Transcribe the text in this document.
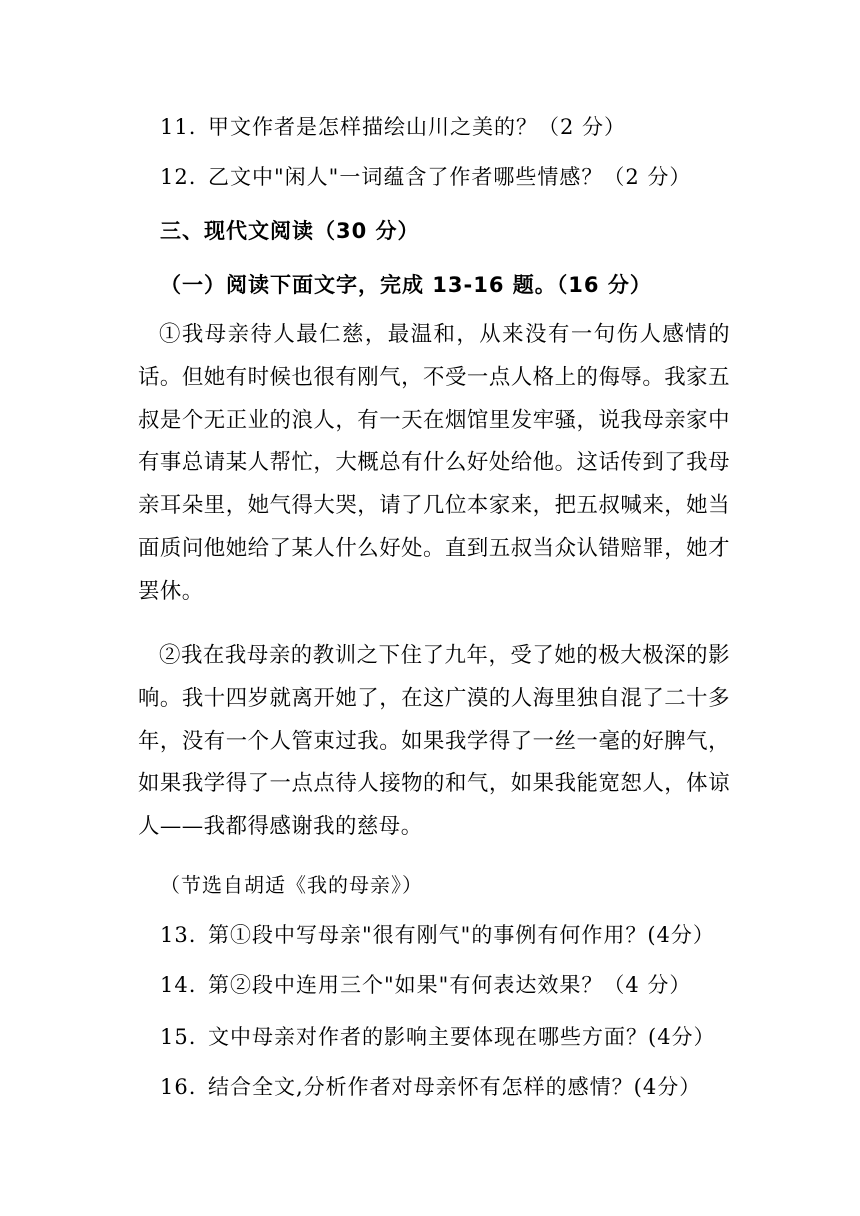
11. 甲文作者是怎样描绘山川之美的？（2 分）
12. 乙文中"闲人"一词蕴含了作者哪些情感？（2 分）
三、现代文阅读（30 分）
（一）阅读下面文字，完成 13-16 题。（16 分）
①我母亲待人最仁慈，最温和，从来没有一句伤人感情的话。但她有时候也很有刚气，不受一点人格上的侮辱。我家五叔是个无正业的浪人，有一天在烟馆里发牢骚，说我母亲家中有事总请某人帮忙，大概总有什么好处给他。这话传到了我母亲耳朵里，她气得大哭，请了几位本家来，把五叔喊来，她当面质问他她给了某人什么好处。直到五叔当众认错赔罪，她才罢休。
②我在我母亲的教训之下住了九年，受了她的极大极深的影响。我十四岁就离开她了，在这广漠的人海里独自混了二十多年，没有一个人管束过我。如果我学得了一丝一毫的好脾气，如果我学得了一点点待人接物的和气，如果我能宽恕人，体谅人——我都得感谢我的慈母。
（节选自胡适《我的母亲》）
13. 第①段中写母亲"很有刚气"的事例有何作用？(4分）
14. 第②段中连用三个"如果"有何表达效果？（4 分）
15. 文中母亲对作者的影响主要体现在哪些方面？(4分）
16. 结合全文,分析作者对母亲怀有怎样的感情？(4分）
